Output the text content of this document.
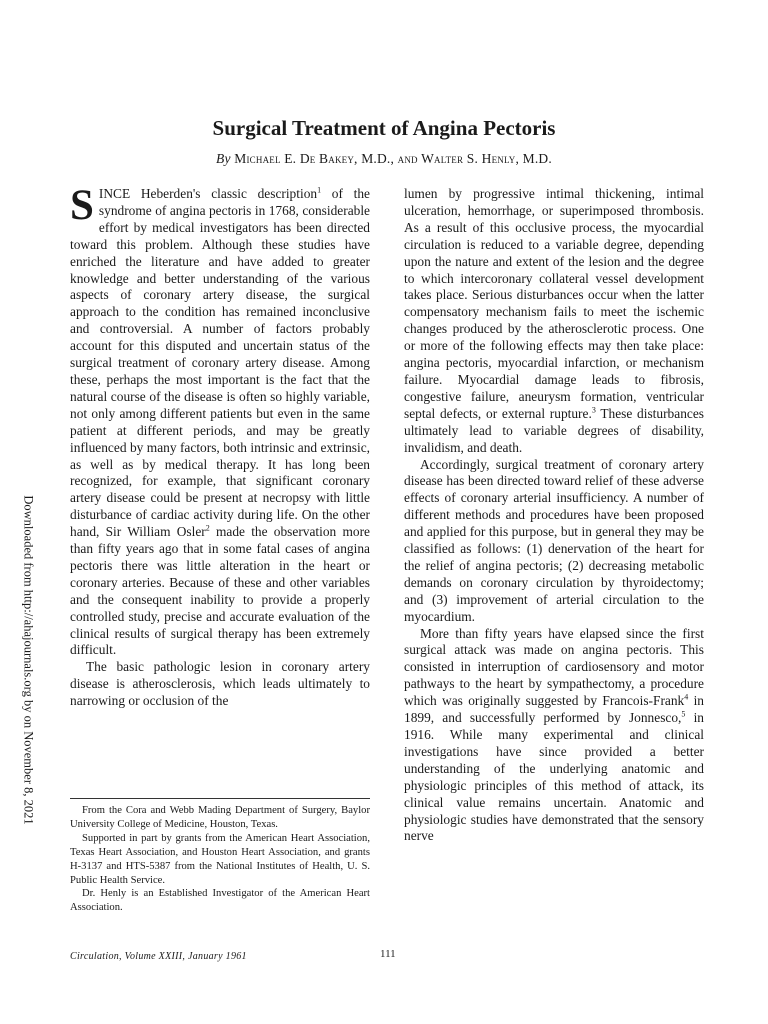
Surgical Treatment of Angina Pectoris
By Michael E. De Bakey, M.D., and Walter S. Henly, M.D.

SINCE Heberden's classic description$^1$ of the syndrome of angina pectoris in 1768, considerable effort by medical investigators has been directed toward this problem. Although these studies have enriched the literature and have added to greater knowledge and better understanding of the various aspects of coronary artery disease, the surgical approach to the condition has remained inconclusive and controversial. A number of factors probably account for this disputed and uncertain status of the surgical treatment of coronary artery disease. Among these, perhaps the most important is the fact that the natural course of the disease is often so highly variable, not only among different patients but even in the same patient at different periods, and may be greatly influenced by many factors, both intrinsic and extrinsic, as well as by medical therapy. It has long been recognized, for example, that significant coronary artery disease could be present at necropsy with little disturbance of cardiac activity during life. On the other hand, Sir William Osler$^2$ made the observation more than fifty years ago that in some fatal cases of angina pectoris there was little alteration in the heart or coronary arteries. Because of these and other variables and the consequent inability to provide a properly controlled study, precise and accurate evaluation of the clinical results of surgical therapy has been extremely difficult.

The basic pathologic lesion in coronary artery disease is atherosclerosis, which leads ultimately to narrowing or occlusion of the

lumen by progressive intimal thickening, intimal ulceration, hemorrhage, or superimposed thrombosis. As a result of this occlusive process, the myocardial circulation is reduced to a variable degree, depending upon the nature and extent of the lesion and the degree to which intercoronary collateral vessel development takes place. Serious disturbances occur when the latter compensatory mechanism fails to meet the ischemic changes produced by the atherosclerotic process. One or more of the following effects may then take place: angina pectoris, myocardial infarction, or mechanism failure. Myocardial damage leads to fibrosis, congestive failure, aneurysm formation, ventricular septal defects, or external rupture.$^3$ These disturbances ultimately lead to variable degrees of disability, invalidism, and death.

Accordingly, surgical treatment of coronary artery disease has been directed toward relief of these adverse effects of coronary arterial insufficiency. A number of different methods and procedures have been proposed and applied for this purpose, but in general they may be classified as follows: (1) denervation of the heart for the relief of angina pectoris; (2) decreasing metabolic demands on coronary circulation by thyroidectomy; and (3) improvement of arterial circulation to the myocardium.

More than fifty years have elapsed since the first surgical attack was made on angina pectoris. This consisted in interruption of cardiosensory and motor pathways to the heart by sympathectomy, a procedure which was originally suggested by Francois-Frank$^4$ in 1899, and successfully performed by Jonnesco,$^5$ in 1916. While many experimental and clinical investigations have since provided a better understanding of the underlying anatomic and physiologic principles of this method of attack, its clinical value remains uncertain. Anatomic and physiologic studies have demonstrated that the sensory nerve

From the Cora and Webb Mading Department of Surgery, Baylor University College of Medicine, Houston, Texas.

Supported in part by grants from the American Heart Association, Texas Heart Association, and Houston Heart Association, and grants H-3137 and HTS-5387 from the National Institutes of Health, U. S. Public Health Service.

Dr. Henly is an Established Investigator of the American Heart Association.

Circulation, Volume XXIII, January 1961	111
Downloaded from http://ahajournals.org by on November 8, 2021
